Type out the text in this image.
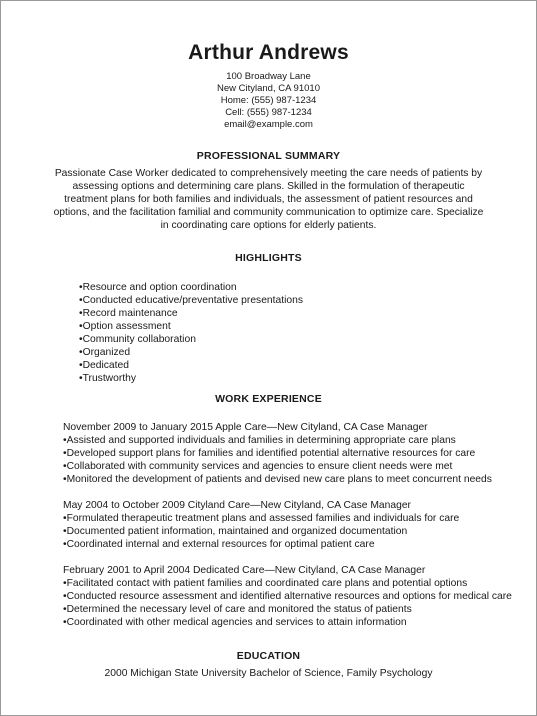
Arthur Andrews
100 Broadway Lane
New Cityland, CA 91010
Home: (555) 987-1234
Cell: (555) 987-1234
email@example.com
PROFESSIONAL SUMMARY
Passionate Case Worker dedicated to comprehensively meeting the care needs of patients by assessing options and determining care plans. Skilled in the formulation of therapeutic treatment plans for both families and individuals, the assessment of patient resources and options, and the facilitation familial and community communication to optimize care. Specialize in coordinating care options for elderly patients.
HIGHLIGHTS
•Resource and option coordination
•Conducted educative/preventative presentations
•Record maintenance
•Option assessment
•Community collaboration
•Organized
•Dedicated
•Trustworthy
WORK EXPERIENCE
November 2009 to January 2015 Apple Care—New Cityland, CA Case Manager
•Assisted and supported individuals and families in determining appropriate care plans
•Developed support plans for families and identified potential alternative resources for care
•Collaborated with community services and agencies to ensure client needs were met
•Monitored the development of patients and devised new care plans to meet concurrent needs
May 2004 to October 2009 Cityland Care—New Cityland, CA Case Manager
•Formulated therapeutic treatment plans and assessed families and individuals for care
•Documented patient information, maintained and organized documentation
•Coordinated internal and external resources for optimal patient care
February 2001 to April 2004 Dedicated Care—New Cityland, CA Case Manager
•Facilitated contact with patient families and coordinated care plans and potential options
•Conducted resource assessment and identified alternative resources and options for medical care
•Determined the necessary level of care and monitored the status of patients
•Coordinated with other medical agencies and services to attain information
EDUCATION
2000 Michigan State University Bachelor of Science, Family Psychology
